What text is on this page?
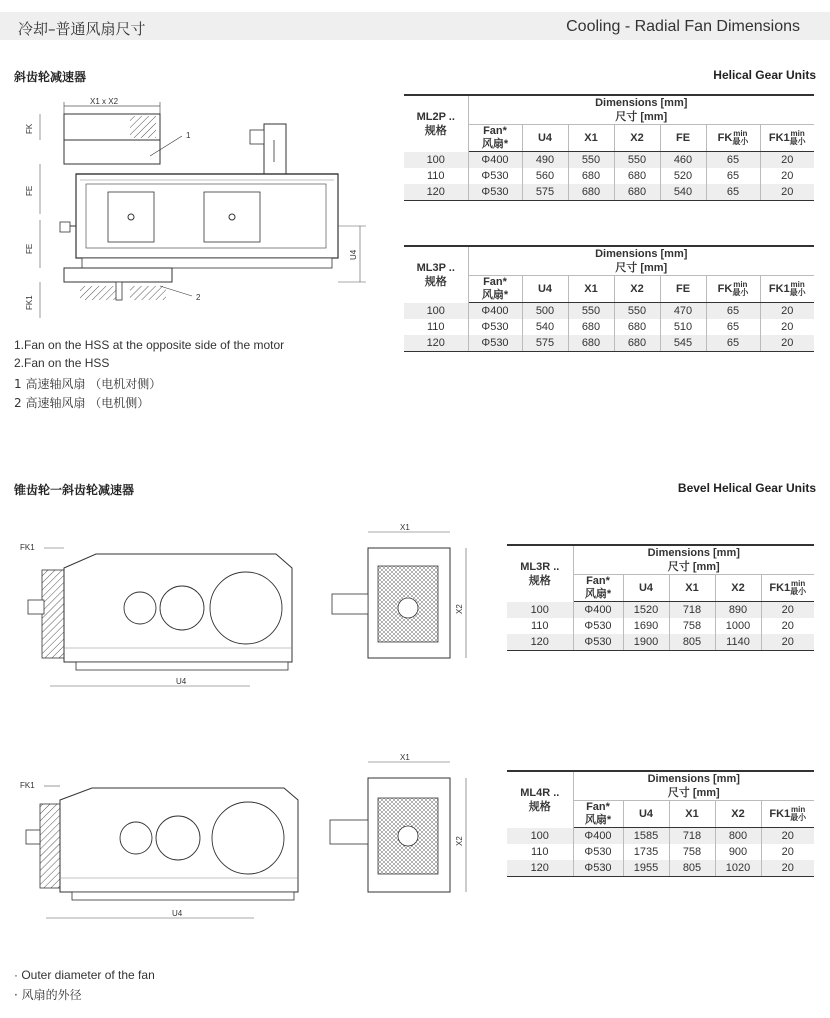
冷却–普通风扇尺寸	Cooling - Radial Fan Dimensions
斜齿轮减速器	Helical Gear Units
X1 x X2
FK
FE
FE
FK1
U4
1
2
ML2P ..
规格	Dimensions [mm]
尺寸 [mm]						
	Fan*
风扇*	U4	X1	X2	FE	FKmin
最小	FK1min
最小
100	Φ400	490	550	550	460	65	20
110	Φ530	560	680	680	520	65	20
120	Φ530	575	680	680	540	65	20
ML3P ..
规格	Dimensions [mm]
尺寸 [mm]						
	Fan*
风扇*	U4	X1	X2	FE	FKmin
最小	FK1min
最小
100	Φ400	500	550	550	470	65	20
110	Φ530	540	680	680	510	65	20
120	Φ530	575	680	680	545	65	20
1.Fan on the HSS at the opposite side of the motor
2.Fan on the HSS
1 高速轴风扇 （电机对侧）
2 高速轴风扇 （电机侧）
锥齿轮一斜齿轮减速器	Bevel Helical Gear Units
FK1
U4
X1
X2
ML3R ..
规格	Dimensions [mm]
尺寸 [mm]				
	Fan*
风扇*	U4	X1	X2	FK1min
最小
100	Φ400	1520	718	890	20
110	Φ530	1690	758	1000	20
120	Φ530	1900	805	1140	20
FK1
U4
X1
X2
ML4R ..
规格	Dimensions [mm]
尺寸 [mm]				
	Fan*
风扇*	U4	X1	X2	FK1min
最小
100	Φ400	1585	718	800	20
110	Φ530	1735	758	900	20
120	Φ530	1955	805	1020	20
· Outer diameter of the fan
· 风扇的外径
